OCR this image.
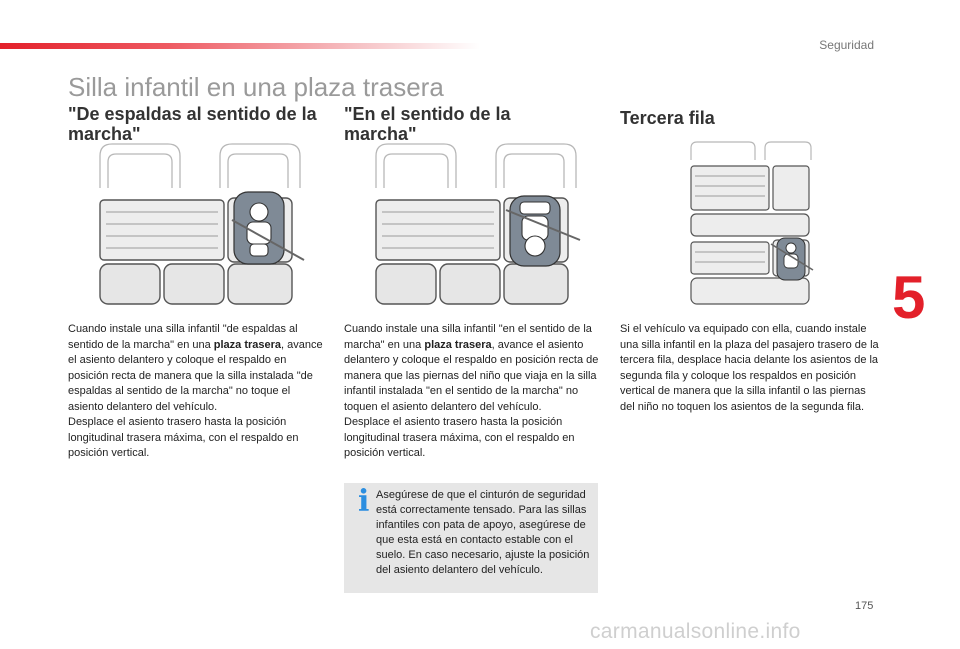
Seguridad
5
Silla infantil en una plaza trasera
"De espaldas al sentido de la marcha"
"En el sentido de la marcha"
Tercera fila
Cuando instale una silla infantil "de espaldas al sentido de la marcha" en una plaza trasera, avance el asiento delantero y coloque el respaldo en posición recta de manera que la silla instalada "de espaldas al sentido de la marcha" no toque el asiento delantero del vehículo.
Desplace el asiento trasero hasta la posición longitudinal trasera máxima, con el respaldo en posición vertical.
Cuando instale una silla infantil "en el sentido de la marcha" en una plaza trasera, avance el asiento delantero y coloque el respaldo en posición recta de manera que las piernas del niño que viaja en la silla infantil instalada "en el sentido de la marcha" no toquen el asiento delantero del vehículo.
Desplace el asiento trasero hasta la posición longitudinal trasera máxima, con el respaldo en posición vertical.
Si el vehículo va equipado con ella, cuando instale una silla infantil en la plaza del pasajero trasero de la tercera fila, desplace hacia delante los asientos de la segunda fila y coloque los respaldos en posición vertical de manera que la silla infantil o las piernas del niño no toquen los asientos de la segunda fila.
i Asegúrese de que el cinturón de seguridad está correctamente tensado. Para las sillas infantiles con pata de apoyo, asegúrese de que esta está en contacto estable con el suelo. En caso necesario, ajuste la posición del asiento delantero del vehículo.

175
carmanualsonline.info
